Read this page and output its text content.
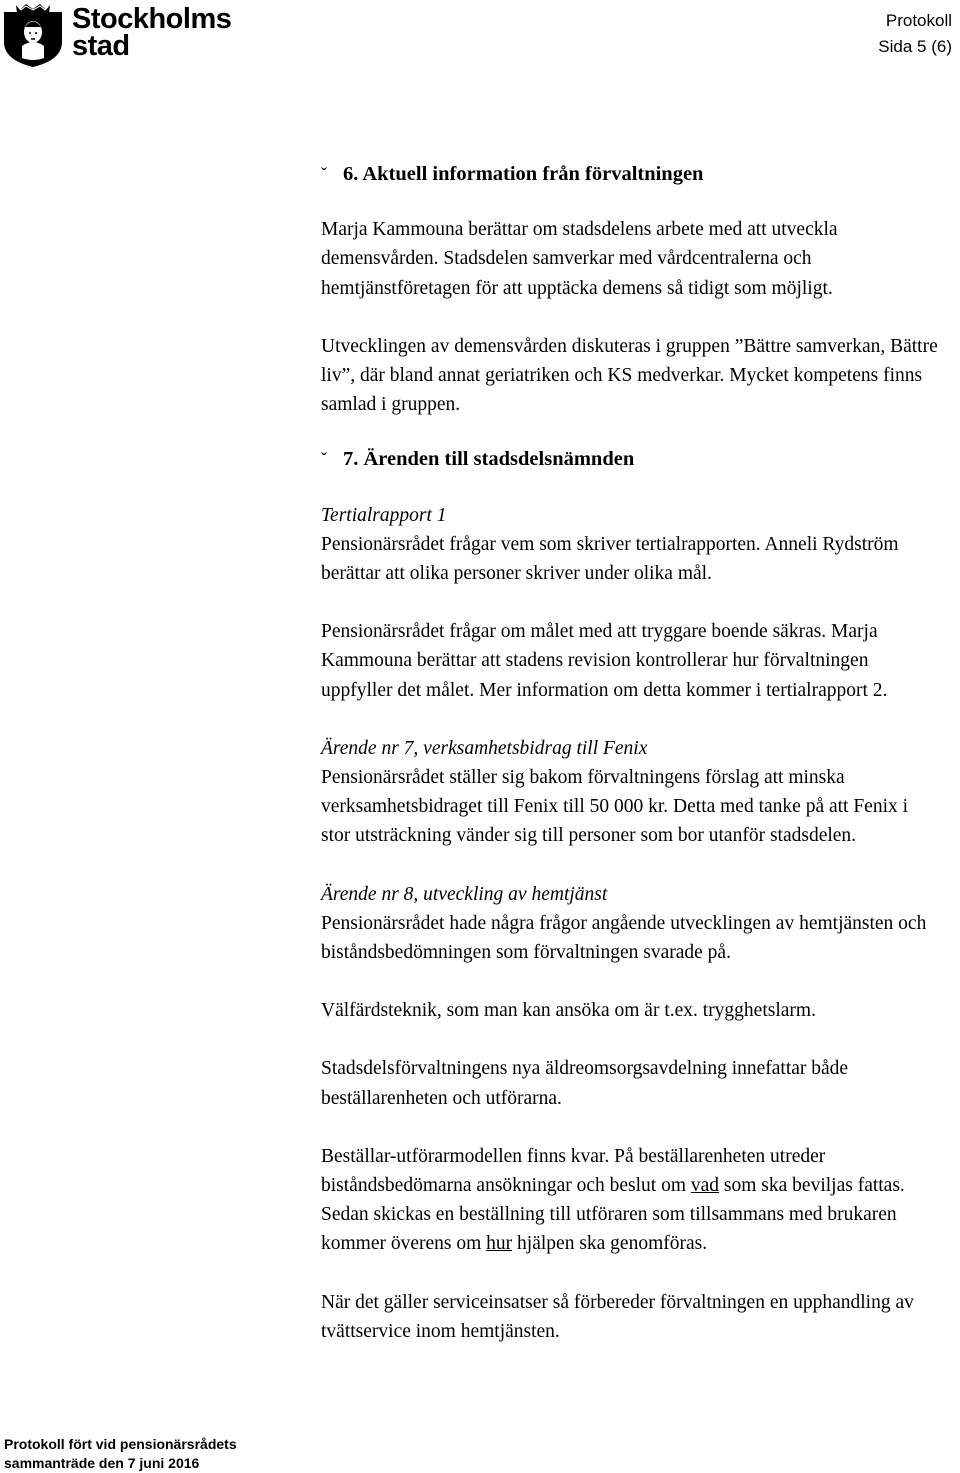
Stockholms
stad
Protokoll
Sida 5 (6)
ˇ 6. Aktuell information från förvaltningen

Marja Kammouna berättar om stadsdelens arbete med att utveckla demensvården. Stadsdelen samverkar med vårdcentralerna och hemtjänstföretagen för att upptäcka demens så tidigt som möjligt.

Utvecklingen av demensvården diskuteras i gruppen ”Bättre samverkan, Bättre liv”, där bland annat geriatriken och KS medverkar. Mycket kompetens finns samlad i gruppen.

ˇ 7. Ärenden till stadsdelsnämnden

Tertialrapport 1

Pensionärsrådet frågar vem som skriver tertialrapporten. Anneli Rydström berättar att olika personer skriver under olika mål.

Pensionärsrådet frågar om målet med att tryggare boende säkras. Marja Kammouna berättar att stadens revision kontrollerar hur förvaltningen uppfyller det målet. Mer information om detta kommer i tertialrapport 2.

Ärende nr 7, verksamhetsbidrag till Fenix

Pensionärsrådet ställer sig bakom förvaltningens förslag att minska verksamhetsbidraget till Fenix till 50 000 kr. Detta med tanke på att Fenix i stor utsträckning vänder sig till personer som bor utanför stadsdelen.

Ärende nr 8, utveckling av hemtjänst

Pensionärsrådet hade några frågor angående utvecklingen av hemtjänsten och biståndsbedömningen som förvaltningen svarade på.

Välfärdsteknik, som man kan ansöka om är t.ex. trygghetslarm.

Stadsdelsförvaltningens nya äldreomsorgsavdelning innefattar både beställarenheten och utförarna.

Beställar-utförarmodellen finns kvar. På beställarenheten utreder biståndsbedömarna ansökningar och beslut om vad som ska beviljas fattas. Sedan skickas en beställning till utföraren som tillsammans med brukaren kommer överens om hur hjälpen ska genomföras.

När det gäller serviceinsatser så förbereder förvaltningen en upphandling av tvättservice inom hemtjänsten.

Protokoll fört vid pensionärsrådets
sammanträde den 7 juni 2016
